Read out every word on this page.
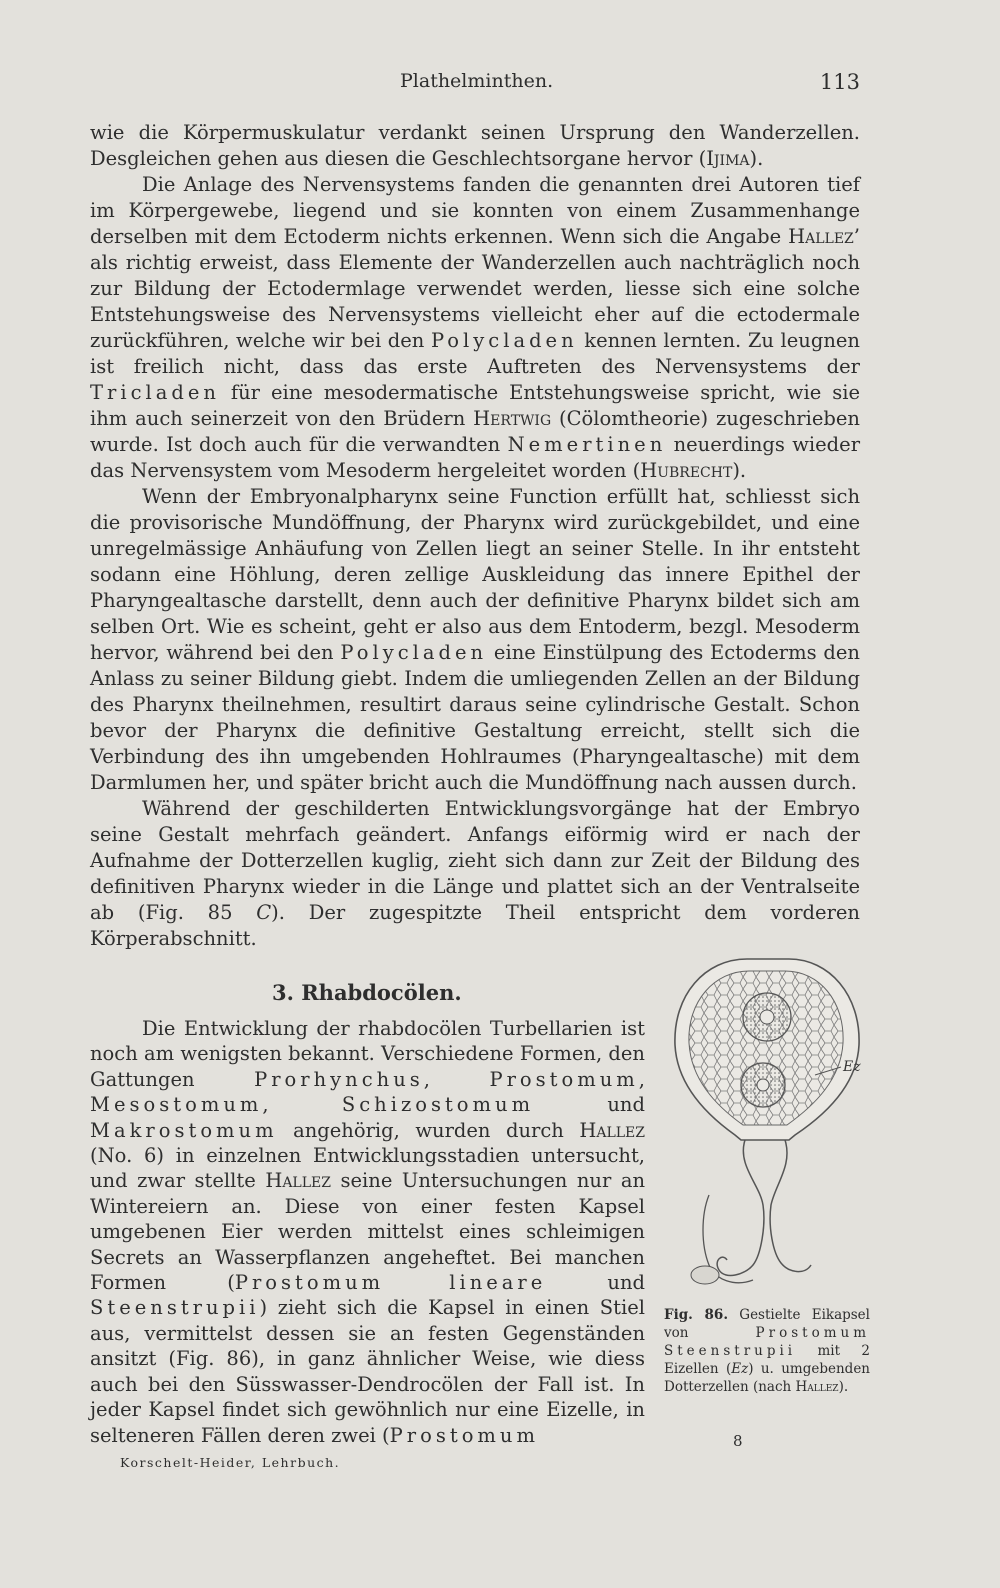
Plathelminthen.	113

wie die Körpermuskulatur verdankt seinen Ursprung den Wanderzellen. Desgleichen gehen aus diesen die Geschlechtsorgane hervor (Ijima).

Die Anlage des Nervensystems fanden die genannten drei Autoren tief im Körpergewebe, liegend und sie konnten von einem Zusammenhange derselben mit dem Ectoderm nichts erkennen. Wenn sich die Angabe Hallez’ als richtig erweist, dass Elemente der Wanderzellen auch nachträglich noch zur Bildung der Ectodermlage verwendet werden, liesse sich eine solche Entstehungsweise des Nervensystems vielleicht eher auf die ectodermale zurückführen, welche wir bei den Polycladen kennen lernten. Zu leugnen ist freilich nicht, dass das erste Auftreten des Nervensystems der Tricladen für eine mesodermatische Entstehungsweise spricht, wie sie ihm auch seinerzeit von den Brüdern Hertwig (Cölomtheorie) zugeschrieben wurde. Ist doch auch für die verwandten Nemertinen neuerdings wieder das Nervensystem vom Mesoderm hergeleitet worden (Hubrecht).

Wenn der Embryonalpharynx seine Function erfüllt hat, schliesst sich die provisorische Mundöffnung, der Pharynx wird zurückgebildet, und eine unregelmässige Anhäufung von Zellen liegt an seiner Stelle. In ihr entsteht sodann eine Höhlung, deren zellige Auskleidung das innere Epithel der Pharyngealtasche darstellt, denn auch der definitive Pharynx bildet sich am selben Ort. Wie es scheint, geht er also aus dem Entoderm, bezgl. Mesoderm hervor, während bei den Polycladen eine Einstülpung des Ectoderms den Anlass zu seiner Bildung giebt. Indem die umliegenden Zellen an der Bildung des Pharynx theilnehmen, resultirt daraus seine cylindrische Gestalt. Schon bevor der Pharynx die definitive Gestaltung erreicht, stellt sich die Verbindung des ihn umgebenden Hohlraumes (Pharyngealtasche) mit dem Darmlumen her, und später bricht auch die Mundöffnung nach aussen durch.

Während der geschilderten Entwicklungsvorgänge hat der Embryo seine Gestalt mehrfach geändert. Anfangs eiförmig wird er nach der Aufnahme der Dotterzellen kuglig, zieht sich dann zur Zeit der Bildung des definitiven Pharynx wieder in die Länge und plattet sich an der Ventralseite ab (Fig. 85 C). Der zugespitzte Theil entspricht dem vorderen Körperabschnitt.

3. Rhabdocölen.

Die Entwicklung der rhabdocölen Turbellarien ist noch am wenigsten bekannt. Verschiedene Formen, den Gattungen Prorhynchus, Prostomum, Mesostomum, Schizostomum und Makrostomum angehörig, wurden durch Hallez (No. 6) in einzelnen Entwicklungsstadien untersucht, und zwar stellte Hallez seine Untersuchungen nur an Wintereiern an. Diese von einer festen Kapsel umgebenen Eier werden mittelst eines schleimigen Secrets an Wasserpflanzen angeheftet. Bei manchen Formen (Prostomum lineare und Steenstrupii) zieht sich die Kapsel in einen Stiel aus, vermittelst dessen sie an festen Gegenständen ansitzt (Fig. 86), in ganz ähnlicher Weise, wie diess auch bei den Süsswasser-Dendrocölen der Fall ist. In jeder Kapsel findet sich gewöhnlich nur eine Eizelle, in selteneren Fällen deren zwei (Prostomum

Ez
Fig. 86. Gestielte Eikapsel von Prostomum Steenstrupii mit 2 Eizellen (Ez) u. umgebenden Dotterzellen (nach Hallez).
8
Korschelt-Heider, Lehrbuch.
